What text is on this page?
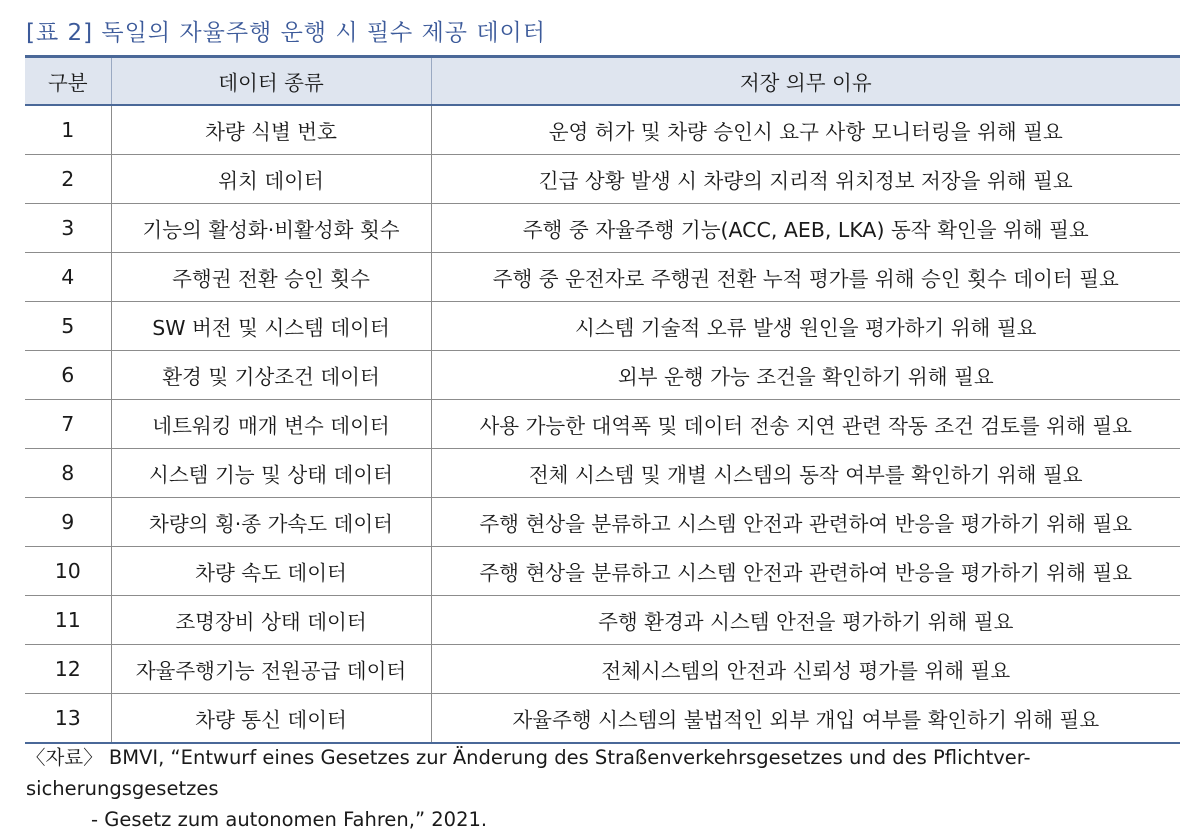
[표 2] 독일의 자율주행 운행 시 필수 제공 데이터
구분	데이터 종류	저장 의무 이유
1	차량 식별 번호	운영 허가 및 차량 승인시 요구 사항 모니터링을 위해 필요
2	위치 데이터	긴급 상황 발생 시 차량의 지리적 위치정보 저장을 위해 필요
3	기능의 활성화·비활성화 횟수	주행 중 자율주행 기능(ACC, AEB, LKA) 동작 확인을 위해 필요
4	주행권 전환 승인 횟수	주행 중 운전자로 주행권 전환 누적 평가를 위해 승인 횟수 데이터 필요
5	SW 버전 및 시스템 데이터	시스템 기술적 오류 발생 원인을 평가하기 위해 필요
6	환경 및 기상조건 데이터	외부 운행 가능 조건을 확인하기 위해 필요
7	네트워킹 매개 변수 데이터	사용 가능한 대역폭 및 데이터 전송 지연 관련 작동 조건 검토를 위해 필요
8	시스템 기능 및 상태 데이터	전체 시스템 및 개별 시스템의 동작 여부를 확인하기 위해 필요
9	차량의 횡·종 가속도 데이터	주행 현상을 분류하고 시스템 안전과 관련하여 반응을 평가하기 위해 필요
10	차량 속도 데이터	주행 현상을 분류하고 시스템 안전과 관련하여 반응을 평가하기 위해 필요
11	조명장비 상태 데이터	주행 환경과 시스템 안전을 평가하기 위해 필요
12	자율주행기능 전원공급 데이터	전체시스템의 안전과 신뢰성 평가를 위해 필요
13	차량 통신 데이터	자율주행 시스템의 불법적인 외부 개입 여부를 확인하기 위해 필요
〈자료〉 BMVI, “Entwurf eines Gesetzes zur Änderung des Straßenverkehrsgesetzes und des Pflichtver-sicherungsgesetzes
- Gesetz zum autonomen Fahren,” 2021.
